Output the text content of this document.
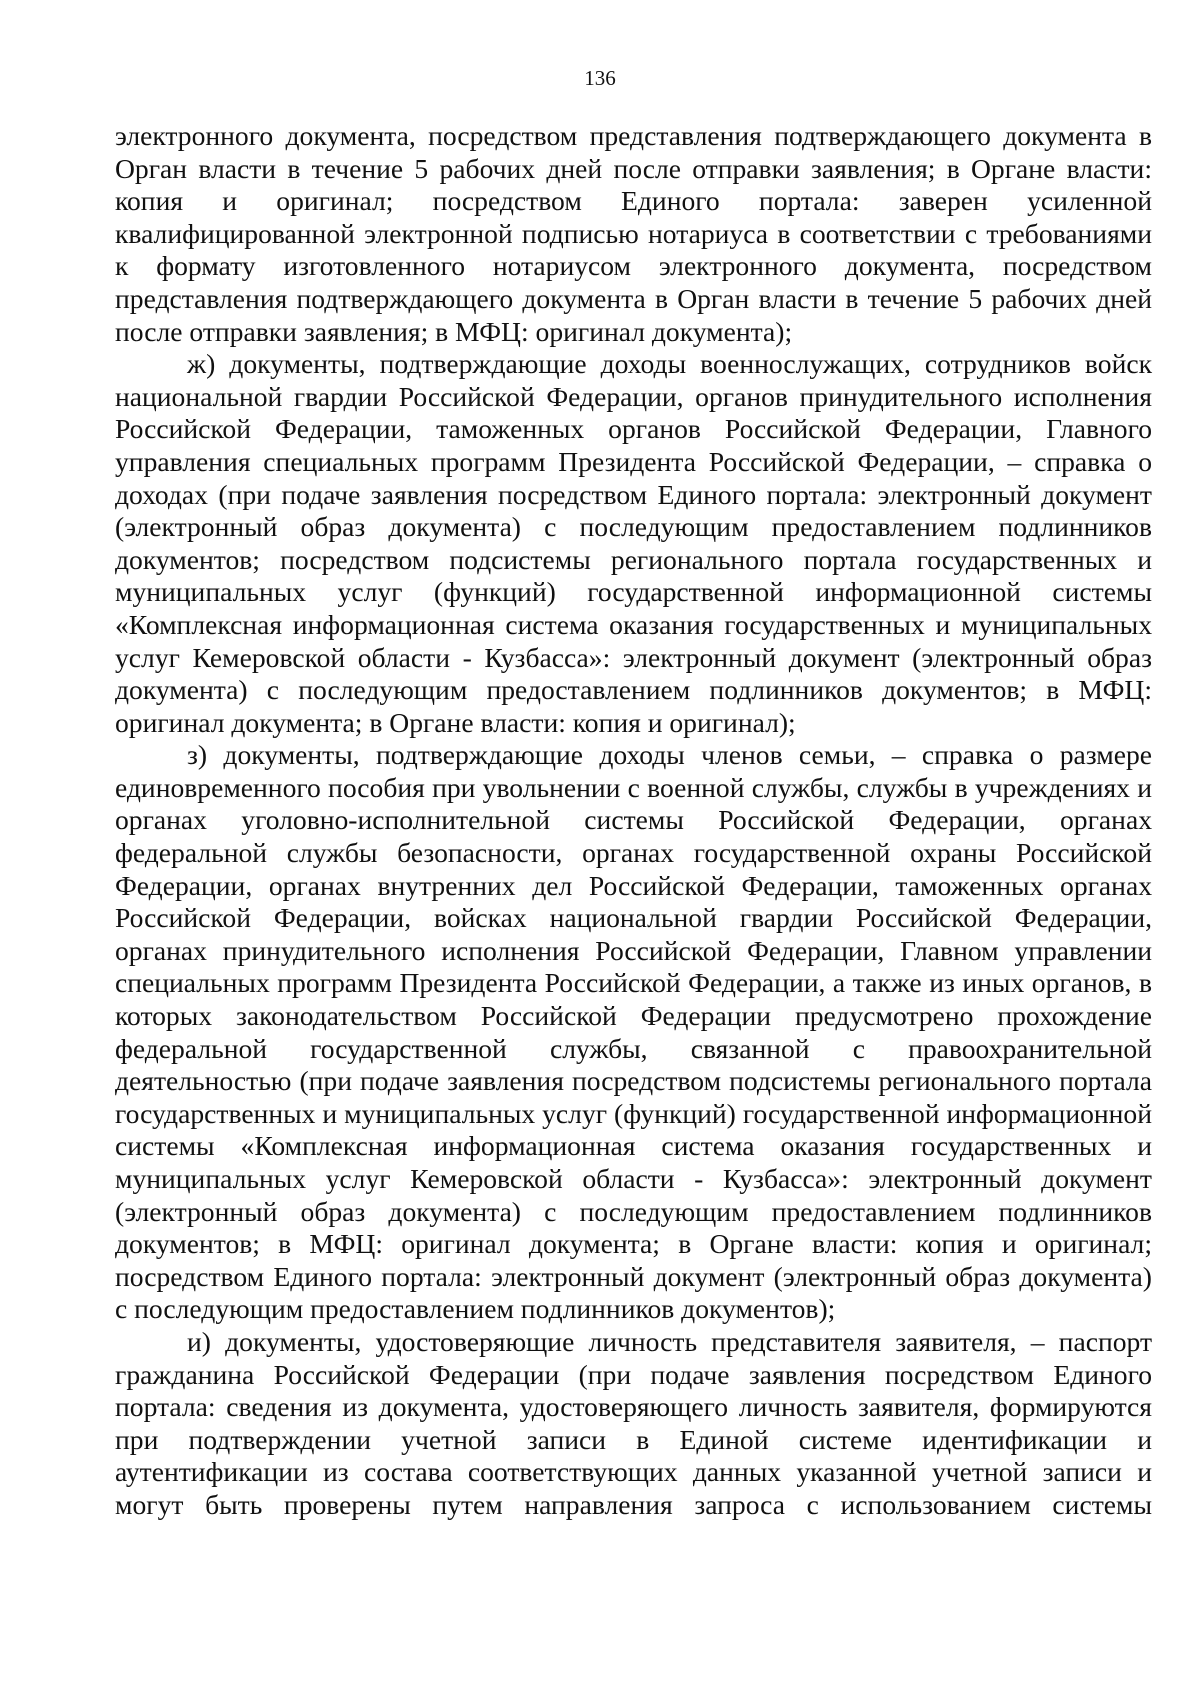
136

электронного документа, посредством представления подтверждающего документа в Орган власти в течение 5 рабочих дней после отправки заявления; в Органе власти: копия и оригинал; посредством Единого портала: заверен усиленной квалифицированной электронной подписью нотариуса в соответствии с требованиями к формату изготовленного нотариусом электронного документа, посредством представления подтверждающего документа в Орган власти в течение 5 рабочих дней после отправки заявления; в МФЦ: оригинал документа);

ж) документы, подтверждающие доходы военнослужащих, сотрудников войск национальной гвардии Российской Федерации, органов принудительного исполнения Российской Федерации, таможенных органов Российской Федерации, Главного управления специальных программ Президента Российской Федерации, – справка о доходах (при подаче заявления посредством Единого портала: электронный документ (электронный образ документа) с последующим предоставлением подлинников документов; посредством подсистемы регионального портала государственных и муниципальных услуг (функций) государственной информационной системы «Комплексная информационная система оказания государственных и муниципальных услуг Кемеровской области - Кузбасса»: электронный документ (электронный образ документа) с последующим предоставлением подлинников документов; в МФЦ: оригинал документа; в Органе власти: копия и оригинал);

з) документы, подтверждающие доходы членов семьи, – справка о размере единовременного пособия при увольнении с военной службы, службы в учреждениях и органах уголовно-исполнительной системы Российской Федерации, органах федеральной службы безопасности, органах государственной охраны Российской Федерации, органах внутренних дел Российской Федерации, таможенных органах Российской Федерации, войсках национальной гвардии Российской Федерации, органах принудительного исполнения Российской Федерации, Главном управлении специальных программ Президента Российской Федерации, а также из иных органов, в которых законодательством Российской Федерации предусмотрено прохождение федеральной государственной службы, связанной с правоохранительной деятельностью (при подаче заявления посредством подсистемы регионального портала государственных и муниципальных услуг (функций) государственной информационной системы «Комплексная информационная система оказания государственных и муниципальных услуг Кемеровской области - Кузбасса»: электронный документ (электронный образ документа) с последующим предоставлением подлинников документов; в МФЦ: оригинал документа; в Органе власти: копия и оригинал; посредством Единого портала: электронный документ (электронный образ документа) с последующим предоставлением подлинников документов);

и) документы, удостоверяющие личность представителя заявителя, – паспорт гражданина Российской Федерации (при подаче заявления посредством Единого портала: сведения из документа, удостоверяющего личность заявителя, формируются при подтверждении учетной записи в Единой системе идентификации и аутентификации из состава соответствующих данных указанной учетной записи и могут быть проверены путем направления запроса с использованием системы
